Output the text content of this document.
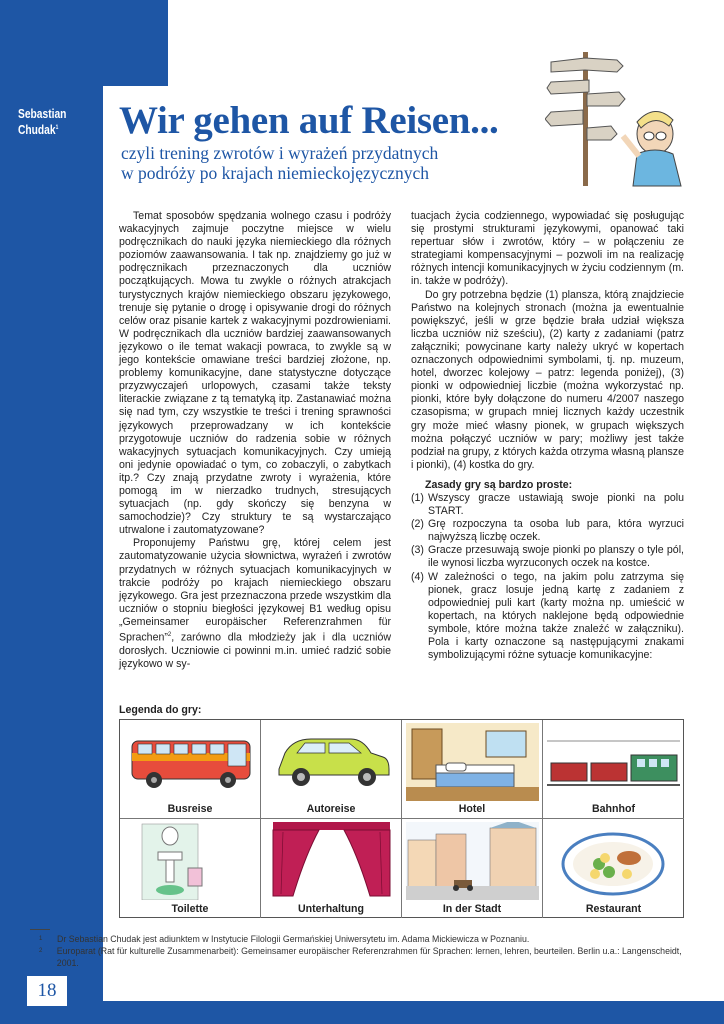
Sebastian
Chudak$^1$	Wir gehen auf Reisen...
czyli trening zwrotów i wyrażeń przydatnych
w podróży po krajach niemieckojęzycznych

Temat sposobów spędzania wolnego czasu i podróży wakacyjnych zajmuje poczytne miejsce w wielu podręcznikach do nauki języka niemieckiego dla różnych poziomów zaawansowania. I tak np. znajdziemy go już w podręcznikach przeznaczonych dla uczniów początkujących. Mowa tu zwykle o różnych atrakcjach turystycznych krajów niemieckiego obszaru językowego, trenuje się pytanie o drogę i opisywanie drogi do różnych celów oraz pisanie kartek z wakacyjnymi pozdrowieniami. W podręcznikach dla uczniów bardziej zaawansowanych językowo o ile temat wakacji powraca, to zwykle są w jego kontekście omawiane treści bardziej złożone, np. problemy komunikacyjne, dane statystyczne dotyczące przyzwyczajeń urlopowych, czasami także teksty literackie związane z tą tematyką itp. Zastanawiać można się nad tym, czy wszystkie te treści i trening sprawności językowych przeprowadzany w ich kontekście przygotowuje uczniów do radzenia sobie w różnych wakacyjnych sytuacjach komunikacyjnych. Czy umieją oni jedynie opowiadać o tym, co zobaczyli, o zabytkach itp.? Czy znają przydatne zwroty i wyrażenia, które pomogą im w nierzadko trudnych, stresujących sytuacjach (np. gdy skończy się benzyna w samochodzie)? Czy struktury te są wystarczająco utrwalone i zautomatyzowane?

Proponujemy Państwu grę, której celem jest zautomatyzowanie użycia słownictwa, wyrażeń i zwrotów przydatnych w różnych sytuacjach komunikacyjnych w trakcie podróży po krajach niemieckiego obszaru językowego. Gra jest przeznaczona przede wszystkim dla uczniów o stopniu biegłości językowej B1 według opisu „Gemeinsamer europäischer Referenzrahmen für Sprachen”$^2$, zarówno dla młodzieży jak i dla uczniów dorosłych. Uczniowie ci powinni m.in. umieć radzić sobie językowo w sy-

tuacjach życia codziennego, wypowiadać się posługując się prostymi strukturami językowymi, opanować taki repertuar słów i zwrotów, który – w połączeniu ze strategiami kompensacyjnymi – pozwoli im na realizację różnych intencji komunikacyjnych w życiu codziennym (m. in. także w podróży).

Do gry potrzebna będzie (1) plansza, którą znajdziecie Państwo na kolejnych stronach (można ja ewentualnie powiększyć, jeśli w grze będzie brała udział większa liczba uczniów niż sześciu), (2) karty z zadaniami (patrz załączniki; powycinane karty należy ukryć w kopertach oznaczonych odpowiednimi symbolami, tj. np. muzeum, hotel, dworzec kolejowy – patrz: legenda poniżej), (3) pionki w odpowiedniej liczbie (można wykorzystać np. pionki, które były dołączone do numeru 4/2007 naszego czasopisma; w grupach mniej licznych każdy uczestnik gry może mieć własny pionek, w grupach większych można połączyć uczniów w pary; możliwy jest także podział na grupy, z których każda otrzyma własną plansze i pionki), (4) kostka do gry.

Zasady gry są bardzo proste:
(1) Wszyscy gracze ustawiają swoje pionki na polu START.
(2) Grę rozpoczyna ta osoba lub para, która wyrzuci najwyższą liczbę oczek.
(3) Gracze przesuwają swoje pionki po planszy o tyle pól, ile wynosi liczba wyrzuconych oczek na kostce.
(4) W zależności o tego, na jakim polu zatrzyma się pionek, gracz losuje jedną kartę z zadaniem z odpowiedniej puli kart (karty można np. umieścić w kopertach, na których naklejone będą odpowiednie symbole, które można także znaleźć w załączniku). Pola i karty oznaczone są następującymi znakami symbolizującymi różne sytuacje komunikacyjne:
Legenda do gry:
Busreise	Autoreise	Hotel	Bahnhof
Toilette	Unterhaltung	In der Stadt	Restaurant
1	Dr Sebastian Chudak jest adiunktem w Instytucie Filologii Germańskiej Uniwersytetu im. Adama Mickiewicza w Poznaniu.
2	Europarat (Rat für kulturelle Zusammenarbeit): Gemeinsamer europäischer Referenzrahmen für Sprachen: lernen, lehren, beurteilen. Berlin u.a.: Langenscheidt, 2001.
18
